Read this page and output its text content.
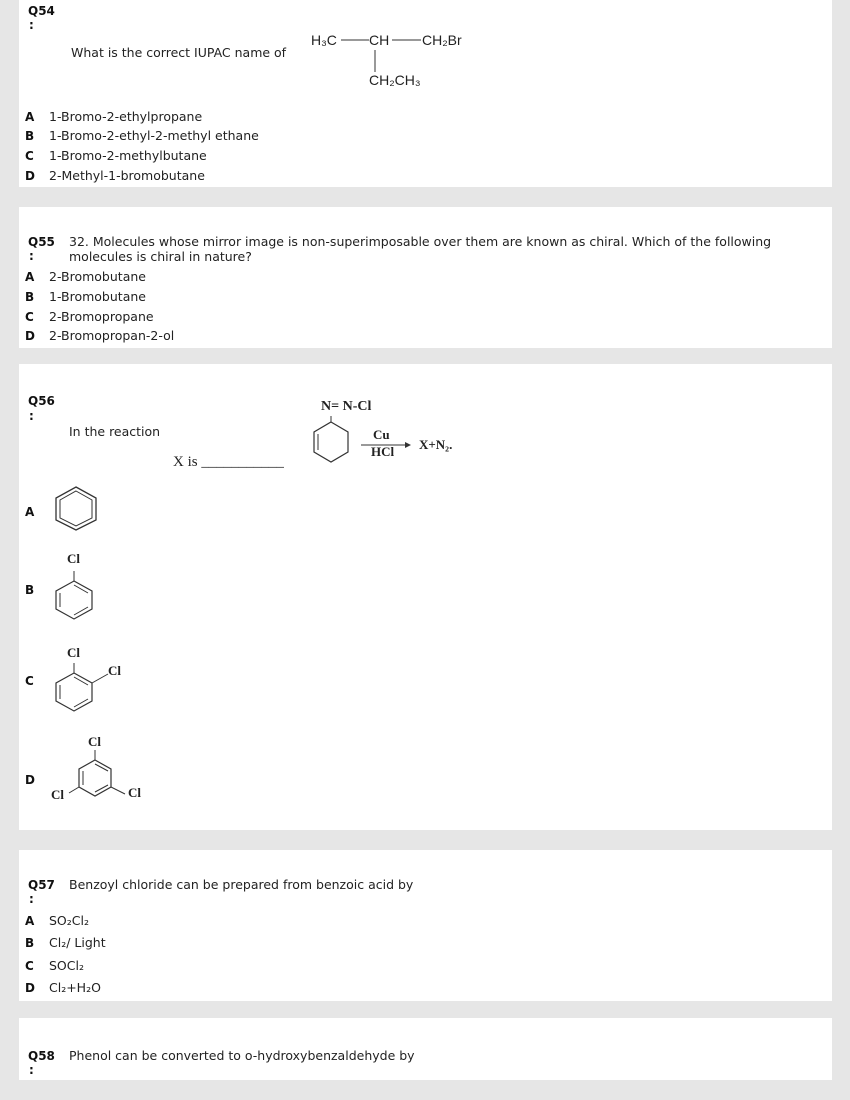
Q54
:
What is the correct IUPAC name of
H₃C CH CH₂Br
CH₂CH₃
A 1-Bromo-2-ethylpropane
B 1-Bromo-2-ethyl-2-methyl ethane
C 1-Bromo-2-methylbutane
D 2-Methyl-1-bromobutane
Q55
:
32. Molecules whose mirror image is non-superimposable over them are known as chiral. Which of the following
molecules is chiral in nature?
A 2-Bromobutane
B 1-Bromobutane
C 2-Bromopropane
D 2-Bromopropan-2-ol
Q56
:
In the reaction
X is ___________
N= N-Cl
Cu
HCl X+N₂.
A
B
Cl
C
Cl
Cl
D
Cl
Cl	Cl
Q57
:
Benzoyl chloride can be prepared from benzoic acid by
A SO₂Cl₂
B Cl₂/ Light
C SOCl₂
D Cl₂+H₂O
Q58
:
Phenol can be converted to o-hydroxybenzaldehyde by
